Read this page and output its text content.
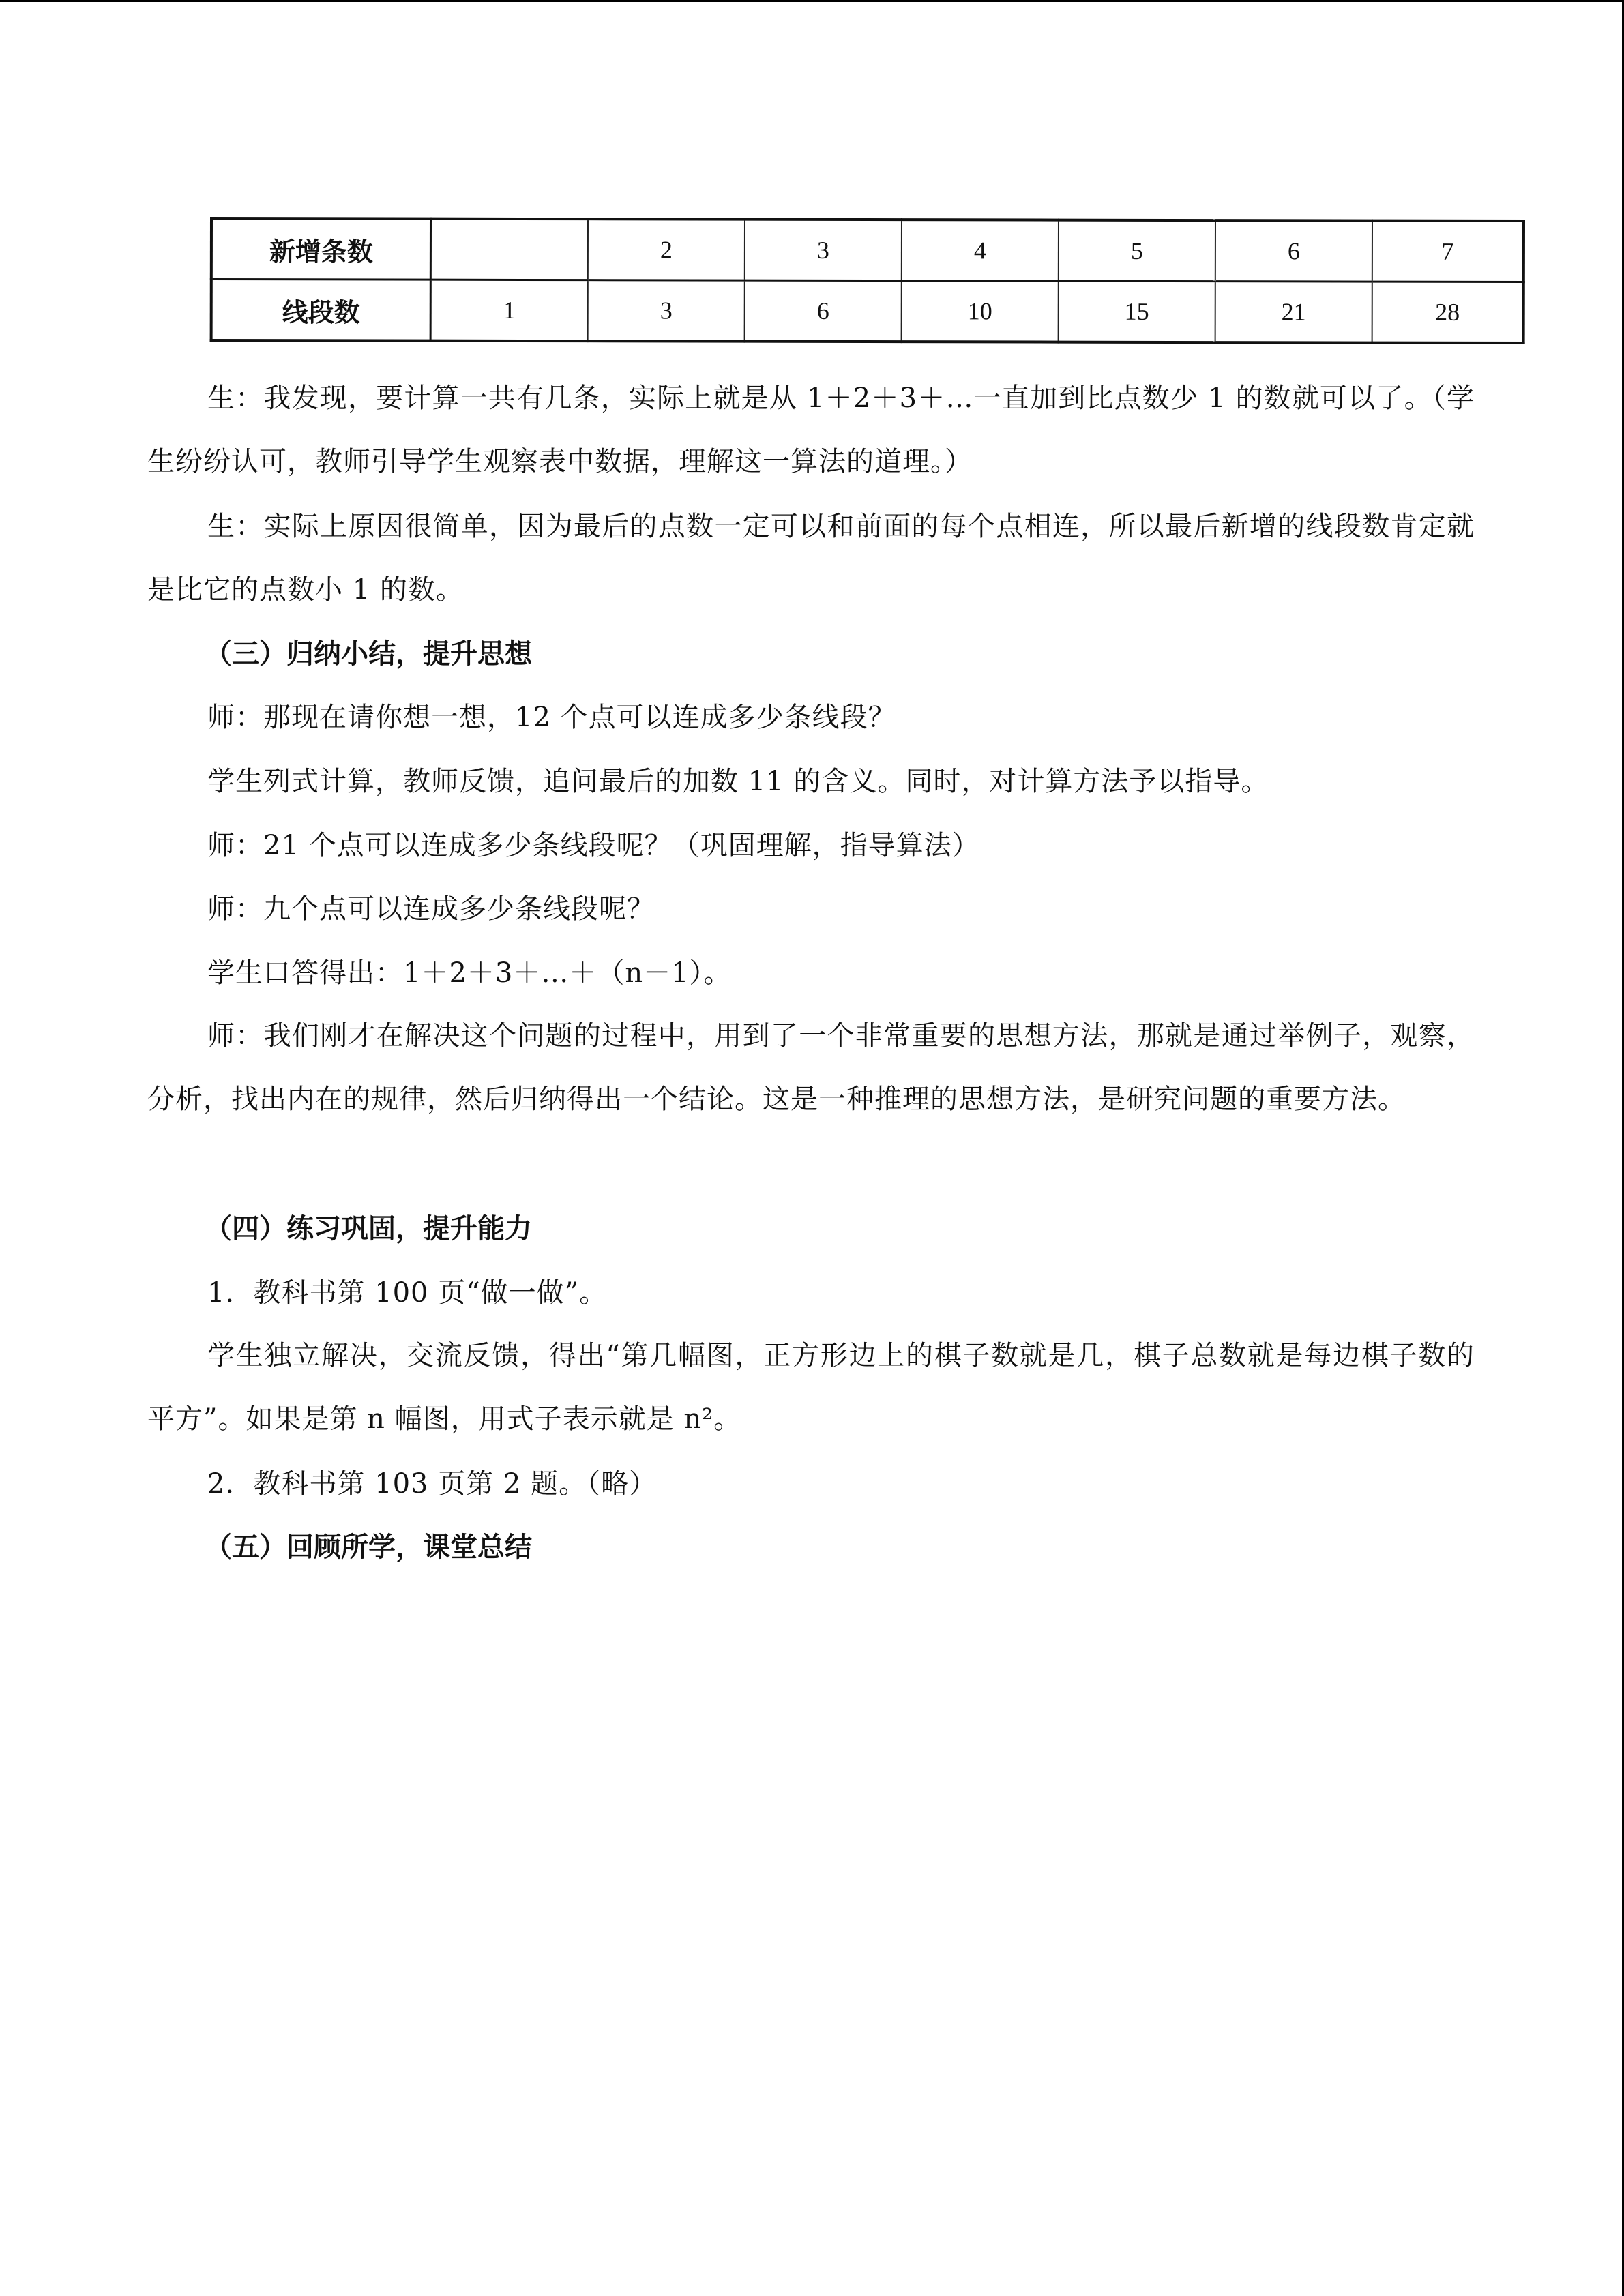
新增条数		2	3	4	5	6	7
线段数	1	3	6	10	15	21	28

生：我发现，要计算一共有几条，实际上就是从 1＋2＋3＋…一直加到比点数少 1 的数就可以了。（学生纷纷认可，教师引导学生观察表中数据，理解这一算法的道理。）

生：实际上原因很简单，因为最后的点数一定可以和前面的每个点相连，所以最后新增的线段数肯定就是比它的点数小 1 的数。

（三）归纳小结，提升思想

师：那现在请你想一想，12 个点可以连成多少条线段？

学生列式计算，教师反馈，追问最后的加数 11 的含义。同时，对计算方法予以指导。

师：21 个点可以连成多少条线段呢？（巩固理解，指导算法）

师：九个点可以连成多少条线段呢？

学生口答得出：1＋2＋3＋…＋（n－1）。

师：我们刚才在解决这个问题的过程中，用到了一个非常重要的思想方法，那就是通过举例子，观察，分析，找出内在的规律，然后归纳得出一个结论。这是一种推理的思想方法，是研究问题的重要方法。

（四）练习巩固，提升能力

1．教科书第 100 页“做一做”。

学生独立解决，交流反馈，得出“第几幅图，正方形边上的棋子数就是几，棋子总数就是每边棋子数的平方”。如果是第 n 幅图，用式子表示就是 n²。

2．教科书第 103 页第 2 题。（略）

（五）回顾所学，课堂总结
